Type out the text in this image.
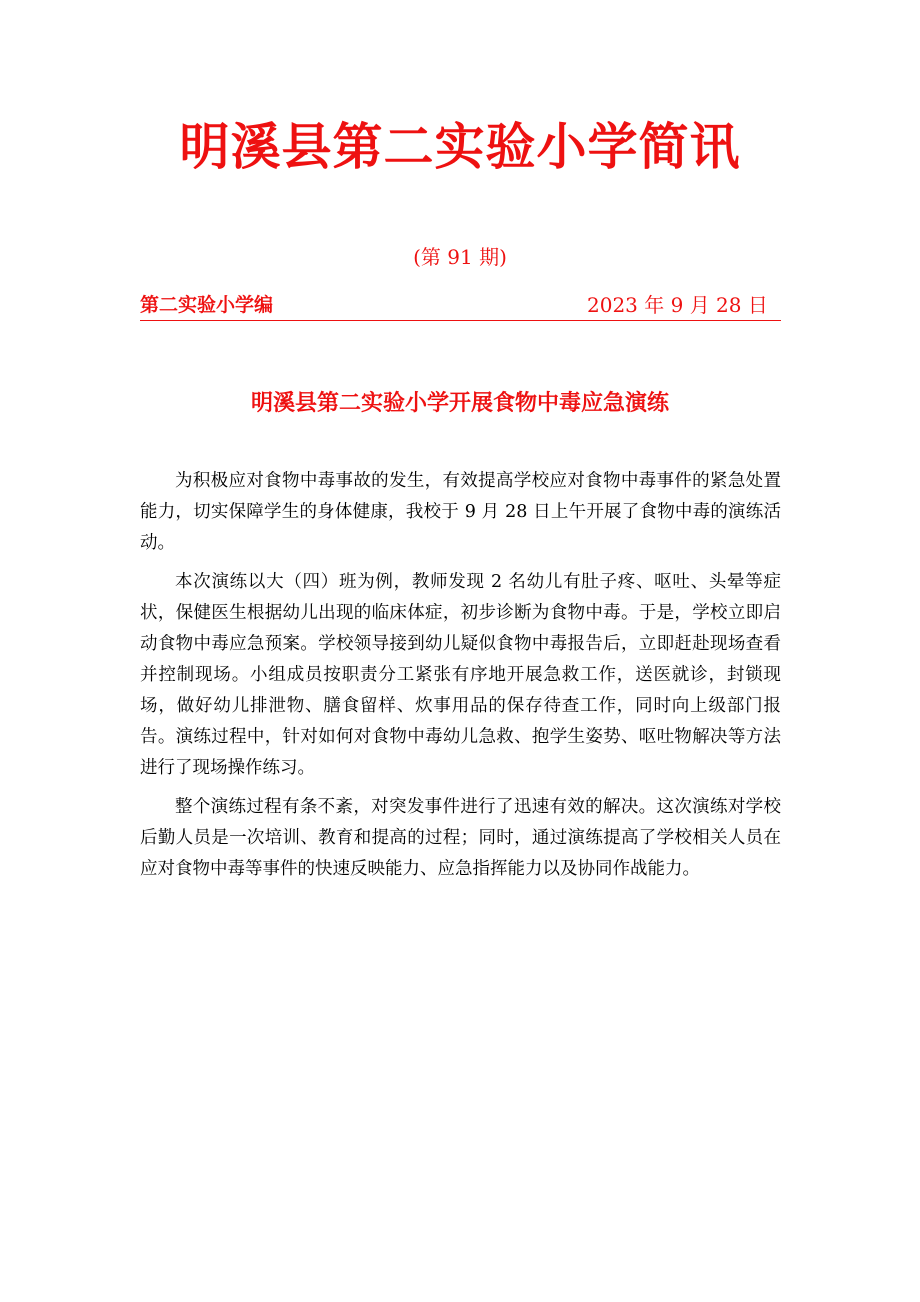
明溪县第二实验小学简讯
(第 91 期)
第二实验小学编	2023 年 9 月 28 日
明溪县第二实验小学开展食物中毒应急演练

为积极应对食物中毒事故的发生，有效提高学校应对食物中毒事件的紧急处置能力，切实保障学生的身体健康，我校于 9 月 28 日上午开展了食物中毒的演练活动。

本次演练以大（四）班为例，教师发现 2 名幼儿有肚子疼、呕吐、头晕等症状，保健医生根据幼儿出现的临床体症，初步诊断为食物中毒。于是，学校立即启动食物中毒应急预案。学校领导接到幼儿疑似食物中毒报告后，立即赶赴现场查看并控制现场。小组成员按职责分工紧张有序地开展急救工作，送医就诊，封锁现场，做好幼儿排泄物、膳食留样、炊事用品的保存待查工作，同时向上级部门报告。演练过程中，针对如何对食物中毒幼儿急救、抱学生姿势、呕吐物解决等方法进行了现场操作练习。

整个演练过程有条不紊，对突发事件进行了迅速有效的解决。这次演练对学校后勤人员是一次培训、教育和提高的过程；同时，通过演练提高了学校相关人员在应对食物中毒等事件的快速反映能力、应急指挥能力以及协同作战能力。
